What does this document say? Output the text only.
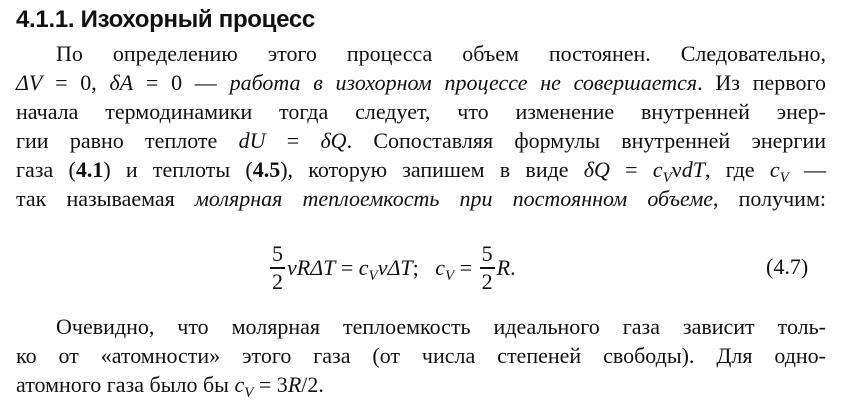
4.1.1. Изохорный процесс
По определению этого процесса объем постоянен. Следовательно,
ΔV = 0, δA = 0 — работа в изохорном процессе не совершается. Из первого
начала термодинамики тогда следует, что изменение внутренней энер-
гии равно теплоте dU = δQ. Сопоставляя формулы внутренней энергии
газа (4.1) и теплоты (4.5), которую запишем в виде $\delta Q = c_V\nu dT$, где $c_V$ —
так называемая молярная теплоемкость при постоянном объеме, получим:
$\frac{5}{2}$ $\nu R\Delta T = c_V$ νΔT ; $c_V = \frac{5}{2}$ R .	(4.7)
Очевидно, что молярная теплоемкость идеального газа зависит толь-
ко от «атомности» этого газа (от числа степеней свободы). Для одно-
атомного газа было бы $c_V = 3R/2$.
